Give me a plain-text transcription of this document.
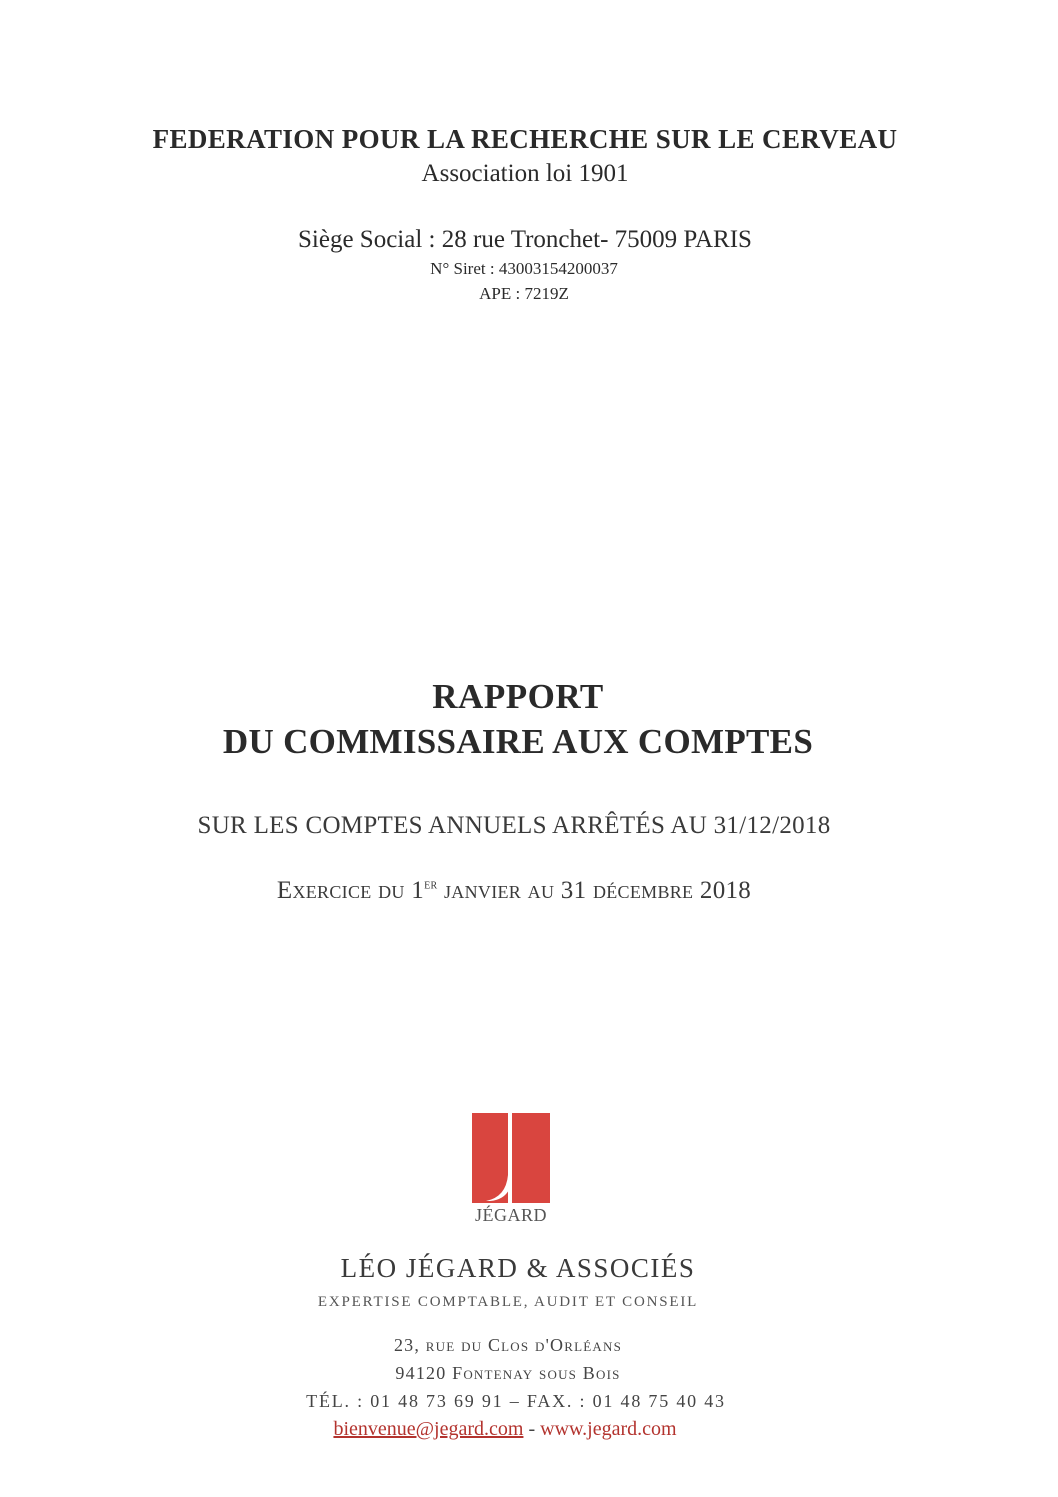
FEDERATION POUR LA RECHERCHE SUR LE CERVEAU
Association loi 1901
Siège Social : 28 rue Tronchet- 75009 PARIS
N° Siret : 43003154200037
APE : 7219Z
RAPPORT
DU COMMISSAIRE AUX COMPTES
SUR LES COMPTES ANNUELS ARRÊTÉS AU 31/12/2018
Exercice du 1er janvier au 31 décembre 2018
JÉGARD
LÉO JÉGARD & ASSOCIÉS
EXPERTISE COMPTABLE, AUDIT ET CONSEIL
23, rue du Clos d'Orléans
94120 Fontenay sous Bois
TÉL. : 01 48 73 69 91 – FAX. : 01 48 75 40 43
bienvenue@jegard.com - www.jegard.com
